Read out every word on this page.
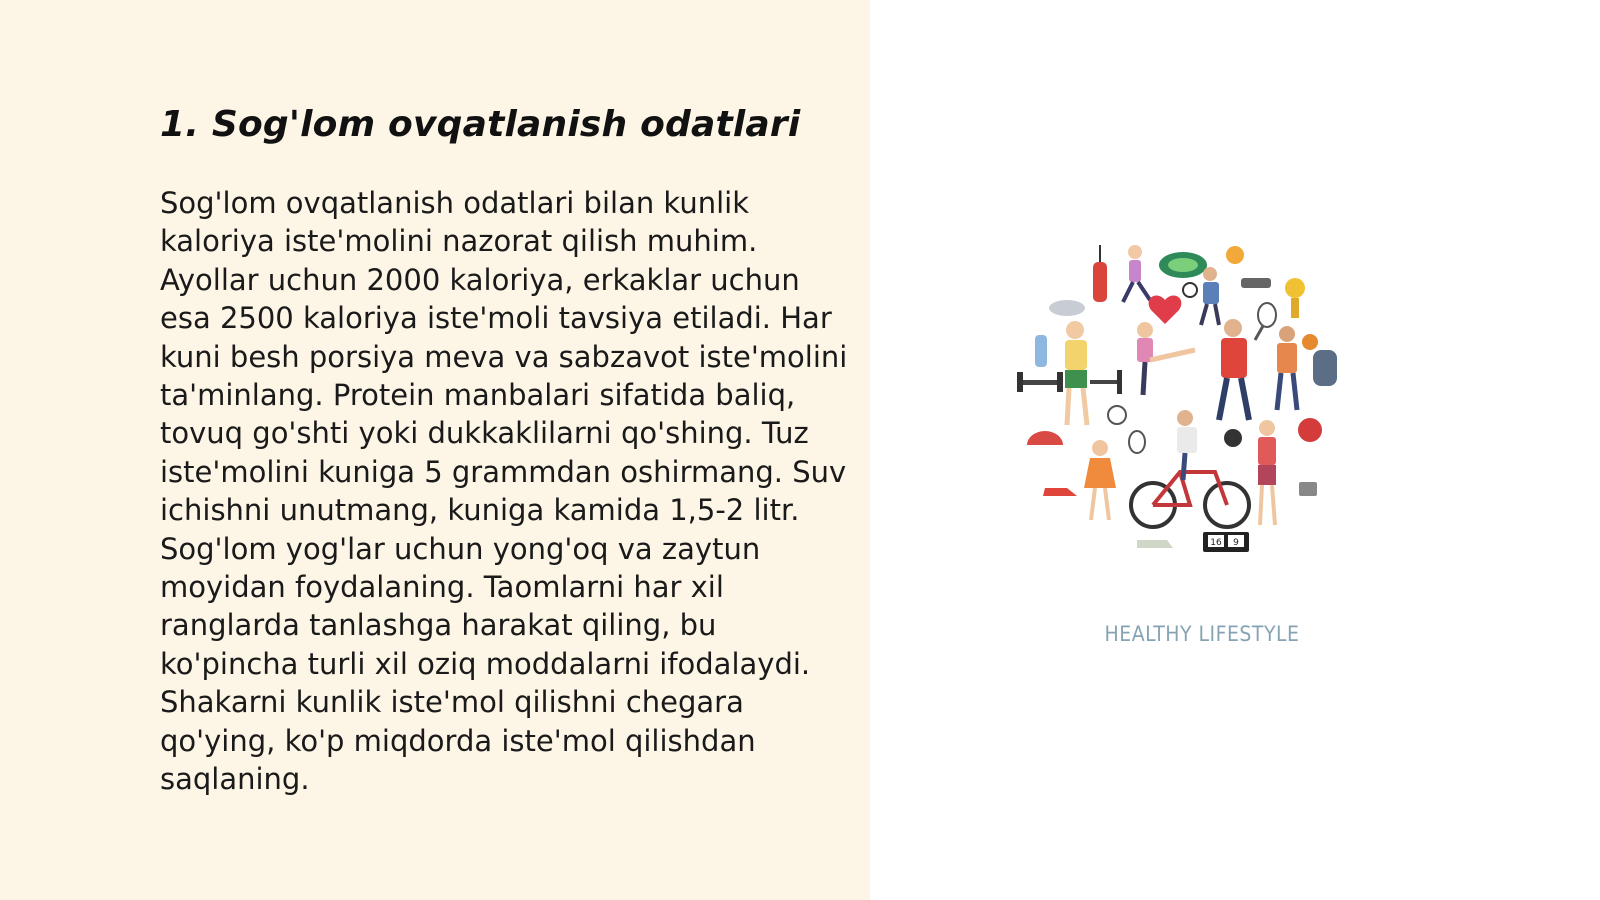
1. Sog'lom ovqatlanish odatlari

Sog'lom ovqatlanish odatlari bilan kunlik kaloriya iste'molini nazorat qilish muhim. Ayollar uchun 2000 kaloriya, erkaklar uchun esa 2500 kaloriya iste'moli tavsiya etiladi. Har kuni besh porsiya meva va sabzavot iste'molini ta'minlang. Protein manbalari sifatida baliq, tovuq go'shti yoki dukkaklilarni qo'shing. Tuz iste'molini kuniga 5 grammdan oshirmang. Suv ichishni unutmang, kuniga kamida 1,5-2 litr. Sog'lom yog'lar uchun yong'oq va zaytun moyidan foydalaning. Taomlarni har xil ranglarda tanlashga harakat qiling, bu ko'pincha turli xil oziq moddalarni ifodalaydi. Shakarni kunlik iste'mol qilishni chegara qo'ying, ko'p miqdorda iste'mol qilishdan saqlaning.

16 9
HEALTHY LIFESTYLE
